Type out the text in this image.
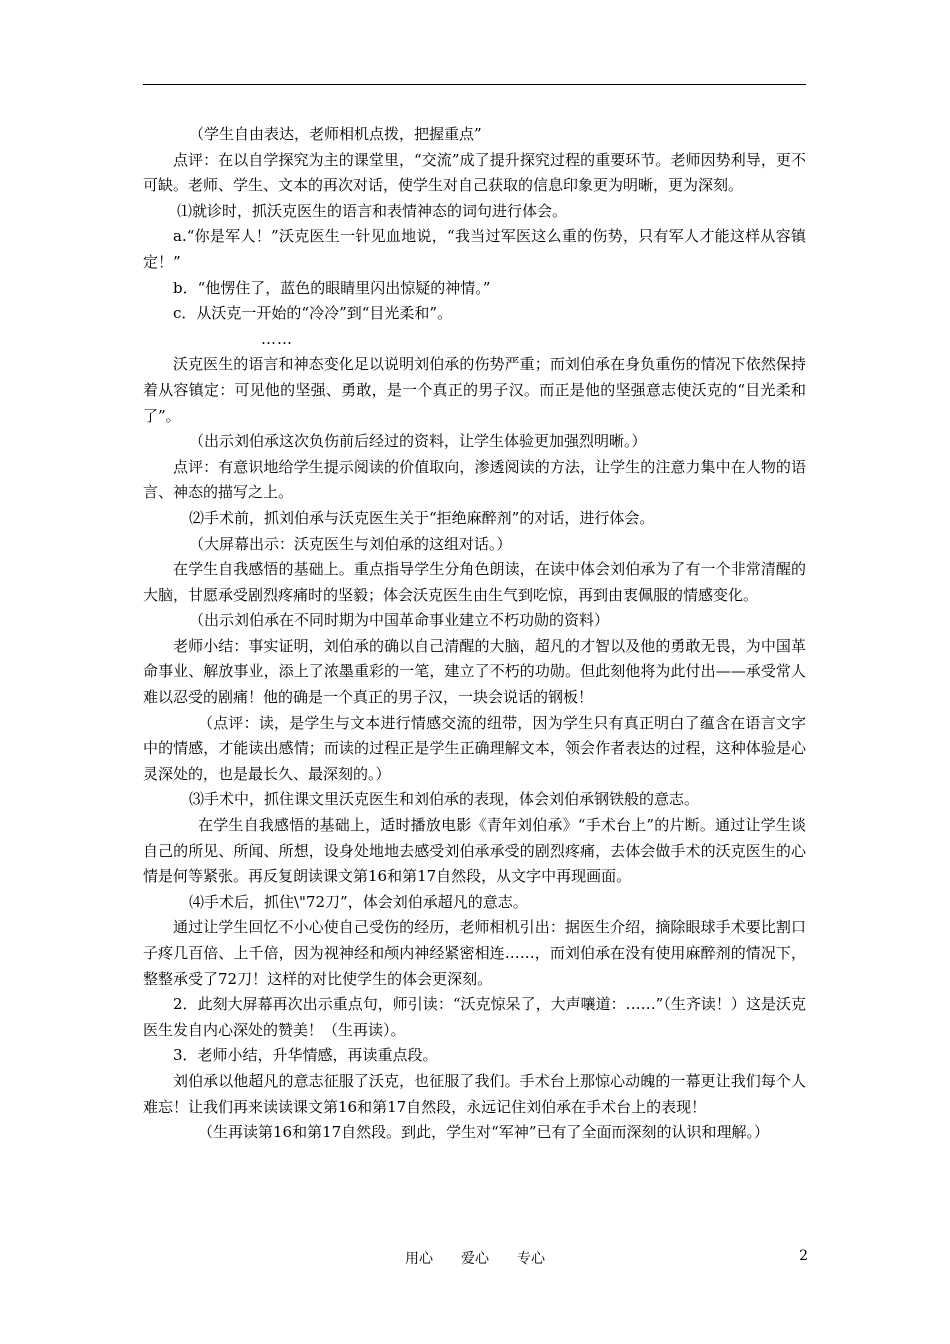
（学生自由表达，老师相机点拨，把握重点”

点评：在以自学探究为主的课堂里，“交流”成了提升探究过程的重要环节。老师因势利导，更不可缺。老师、学生、文本的再次对话，使学生对自己获取的信息印象更为明晰，更为深刻。

⑴就诊时，抓沃克医生的语言和表情神态的词句进行体会。

a.“你是军人！”沃克医生一针见血地说，“我当过军医这么重的伤势，只有军人才能这样从容镇定！”

b．“他愣住了，蓝色的眼睛里闪出惊疑的神情。”

c．从沃克一开始的“冷冷”到“目光柔和”。

……

沃克医生的语言和神态变化足以说明刘伯承的伤势严重；而刘伯承在身负重伤的情况下依然保持着从容镇定：可见他的坚强、勇敢，是一个真正的男子汉。而正是他的坚强意志使沃克的“目光柔和了”。

（出示刘伯承这次负伤前后经过的资料，让学生体验更加强烈明晰。）

点评：有意识地给学生提示阅读的价值取向，渗透阅读的方法，让学生的注意力集中在人物的语言、神态的描写之上。

⑵手术前，抓刘伯承与沃克医生关于“拒绝麻醉剂”的对话，进行体会。

（大屏幕出示：沃克医生与刘伯承的这组对话。）

在学生自我感悟的基础上。重点指导学生分角色朗读，在读中体会刘伯承为了有一个非常清醒的大脑，甘愿承受剧烈疼痛时的坚毅；体会沃克医生由生气到吃惊，再到由衷佩服的情感变化。

（出示刘伯承在不同时期为中国革命事业建立不朽功勋的资料）

老师小结：事实证明，刘伯承的确以自己清醒的大脑，超凡的才智以及他的勇敢无畏，为中国革命事业、解放事业，添上了浓墨重彩的一笔，建立了不朽的功勋。但此刻他将为此付出——承受常人难以忍受的剧痛！他的确是一个真正的男子汉，一块会说话的钢板！

（点评：读，是学生与文本进行情感交流的纽带，因为学生只有真正明白了蕴含在语言文字中的情感，才能读出感情；而读的过程正是学生正确理解文本，领会作者表达的过程，这种体验是心灵深处的，也是最长久、最深刻的。）

⑶手术中，抓住课文里沃克医生和刘伯承的表现，体会刘伯承钢铁般的意志。

在学生自我感悟的基础上，适时播放电影《青年刘伯承》“手术台上”的片断。通过让学生谈自己的所见、所闻、所想，设身处地地去感受刘伯承承受的剧烈疼痛，去体会做手术的沃克医生的心情是何等紧张。再反复朗读课文第16和第17自然段，从文字中再现画面。

⑷手术后，抓住\"72刀”，体会刘伯承超凡的意志。

通过让学生回忆不小心使自己受伤的经历，老师相机引出：据医生介绍，摘除眼球手术要比割口子疼几百倍、上千倍，因为视神经和颅内神经紧密相连……，而刘伯承在没有使用麻醉剂的情况下，整整承受了72刀！这样的对比使学生的体会更深刻。

2．此刻大屏幕再次出示重点句，师引读：“沃克惊呆了，大声嚷道：……”（生齐读！）这是沃克医生发自内心深处的赞美！（生再读）。

3．老师小结，升华情感，再读重点段。

刘伯承以他超凡的意志征服了沃克，也征服了我们。手术台上那惊心动魄的一幕更让我们每个人难忘！让我们再来读读课文第16和第17自然段，永远记住刘伯承在手术台上的表现！

（生再读第16和第17自然段。到此，学生对“军神”已有了全面而深刻的认识和理解。）

用心　　爱心　　专心	2
